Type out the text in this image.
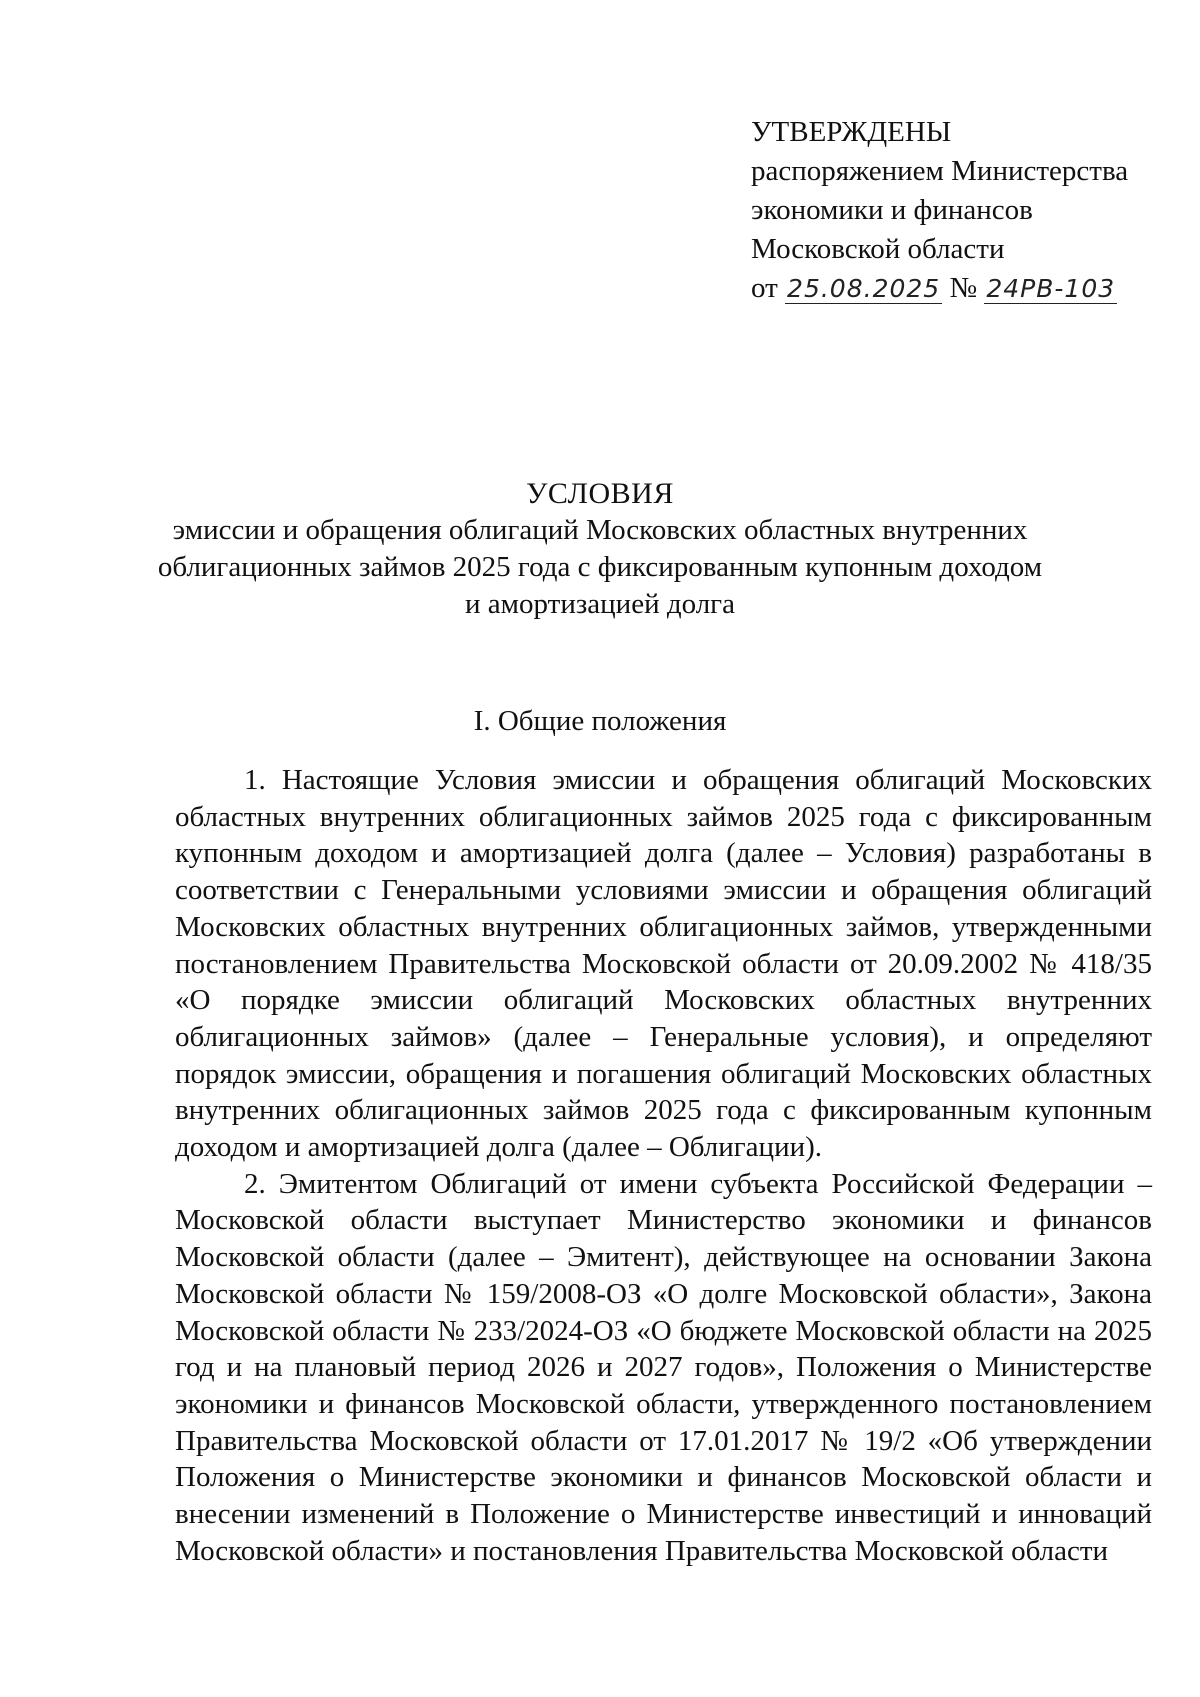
УТВЕРЖДЕНЫ
распоряжением Министерства
экономики и финансов
Московской области
от 25.08.2025 № 24РВ-103
УСЛОВИЯ
эмиссии и обращения облигаций Московских областных внутренних
облигационных займов 2025 года с фиксированным купонным доходом
и амортизацией долга
I. Общие положения

1. Настоящие Условия эмиссии и обращения облигаций Московских областных внутренних облигационных займов 2025 года с фиксированным купонным доходом и амортизацией долга (далее – Условия) разработаны в соответствии с Генеральными условиями эмиссии и обращения облигаций Московских областных внутренних облигационных займов, утвержденными постановлением Правительства Московской области от 20.09.2002 № 418/35 «О порядке эмиссии облигаций Московских областных внутренних облигационных займов» (далее – Генеральные условия), и определяют порядок эмиссии, обращения и погашения облигаций Московских областных внутренних облигационных займов 2025 года с фиксированным купонным доходом и амортизацией долга (далее – Облигации).

2. Эмитентом Облигаций от имени субъекта Российской Федерации – Московской области выступает Министерство экономики и финансов Московской области (далее – Эмитент), действующее на основании Закона Московской области № 159/2008-ОЗ «О долге Московской области», Закона Московской области № 233/2024-ОЗ «О бюджете Московской области на 2025 год и на плановый период 2026 и 2027 годов», Положения о Министерстве экономики и финансов Московской области, утвержденного постановлением Правительства Московской области от 17.01.2017 № 19/2 «Об утверждении Положения о Министерстве экономики и финансов Московской области и внесении изменений в Положение о Министерстве инвестиций и инноваций Московской области» и постановления Правительства Московской области
